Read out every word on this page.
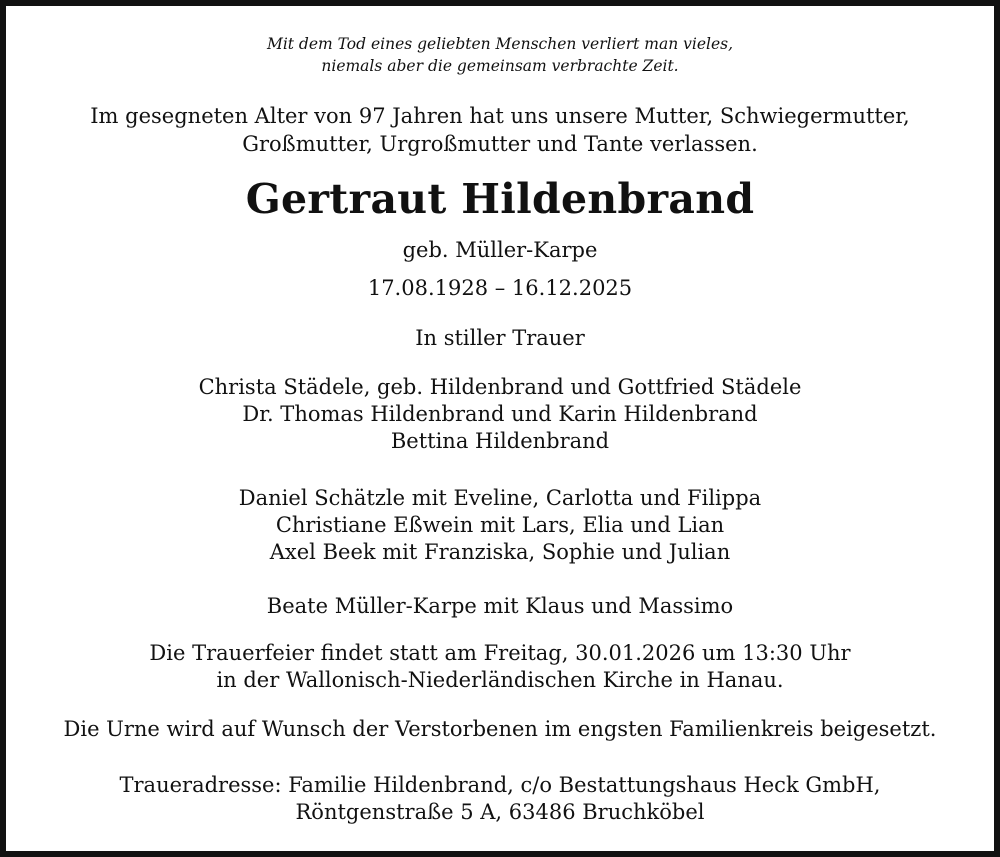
Mit dem Tod eines geliebten Menschen verliert man vieles,
niemals aber die gemeinsam verbrachte Zeit.
Im gesegneten Alter von 97 Jahren hat uns unsere Mutter, Schwiegermutter,
Großmutter, Urgroßmutter und Tante verlassen.
Gertraut Hildenbrand
geb. Müller-Karpe
17.08.1928 – 16.12.2025
In stiller Trauer
Christa Städele, geb. Hildenbrand und Gottfried Städele
Dr. Thomas Hildenbrand und Karin Hildenbrand
Bettina Hildenbrand
Daniel Schätzle mit Eveline, Carlotta und Filippa
Christiane Eßwein mit Lars, Elia und Lian
Axel Beek mit Franziska, Sophie und Julian
Beate Müller-Karpe mit Klaus und Massimo
Die Trauerfeier findet statt am Freitag, 30.01.2026 um 13:30 Uhr
in der Wallonisch-Niederländischen Kirche in Hanau.
Die Urne wird auf Wunsch der Verstorbenen im engsten Familienkreis beigesetzt.
Traueradresse: Familie Hildenbrand, c/o Bestattungshaus Heck GmbH,
Röntgenstraße 5 A, 63486 Bruchköbel
